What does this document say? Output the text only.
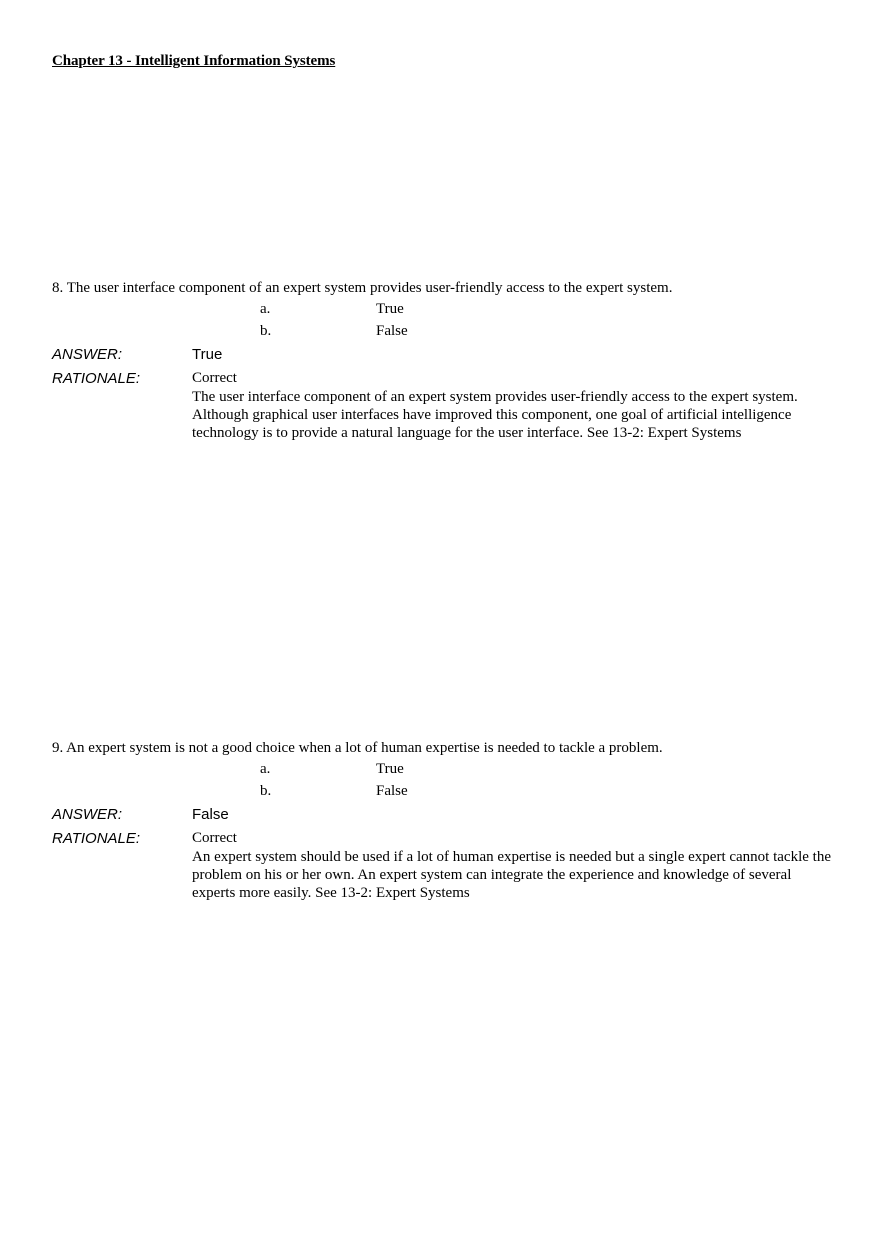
Chapter 13 - Intelligent Information Systems
8. The user interface component of an expert system provides user-friendly access to the expert system.
a.	True
b.	False
ANSWER:	True
RATIONALE:	Correct
The user interface component of an expert system provides user-friendly access to the expert system. Although graphical user interfaces have improved this component, one goal of artificial intelligence technology is to provide a natural language for the user interface. See 13-2: Expert Systems
9. An expert system is not a good choice when a lot of human expertise is needed to tackle a problem.
a.	True
b.	False
ANSWER:	False
RATIONALE:	Correct
An expert system should be used if a lot of human expertise is needed but a single expert cannot tackle the problem on his or her own. An expert system can integrate the experience and knowledge of several experts more easily. See 13-2: Expert Systems
